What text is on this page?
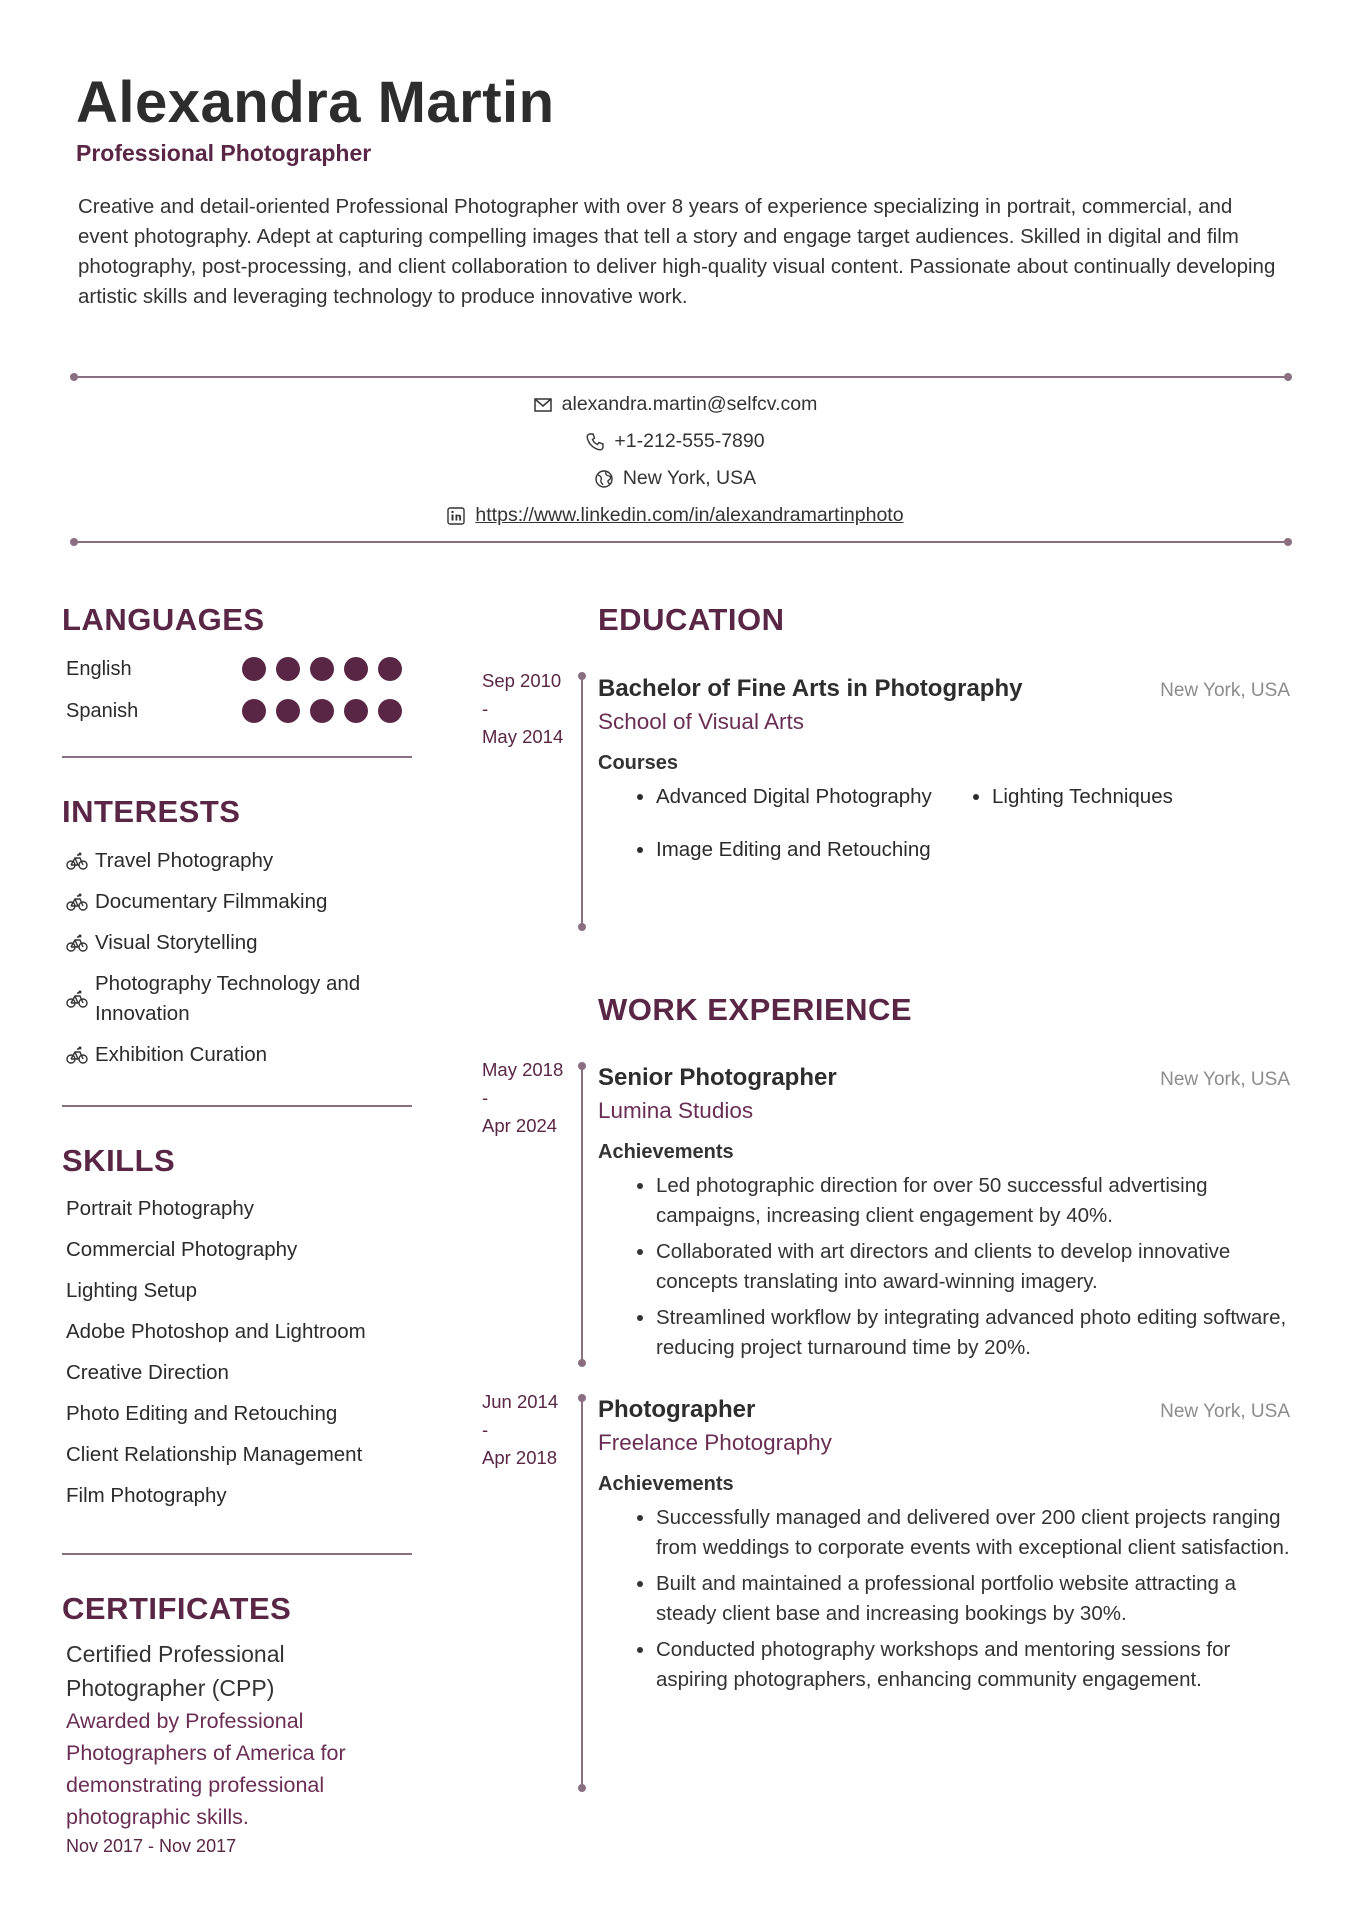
Alexandra Martin
Professional Photographer

Creative and detail-oriented Professional Photographer with over 8 years of experience specializing in portrait, commercial, and event photography. Adept at capturing compelling images that tell a story and engage target audiences. Skilled in digital and film photography, post-processing, and client collaboration to deliver high-quality visual content. Passionate about continually developing artistic skills and leveraging technology to produce innovative work.

alexandra.martin@selfcv.com
+1-212-555-7890
New York, USA
https://www.linkedin.com/in/alexandramartinphoto
LANGUAGES
English
Spanish
INTERESTS
Travel Photography
Documentary Filmmaking
Visual Storytelling
Photography Technology and Innovation
Exhibition Curation
SKILLS
Portrait Photography
Commercial Photography
Lighting Setup
Adobe Photoshop and Lightroom
Creative Direction
Photo Editing and Retouching
Client Relationship Management
Film Photography
CERTIFICATES
Certified Professional Photographer (CPP)
Awarded by Professional Photographers of America for demonstrating professional photographic skills.
Nov 2017 - Nov 2017
EDUCATION
Sep 2010
-
May 2014
Bachelor of Fine Arts in Photography	New York, USA
School of Visual Arts
Courses
• Advanced Digital Photography
•	Lighting Techniques
• Image Editing and Retouching
WORK EXPERIENCE
May 2018
-
Apr 2024
Senior Photographer	New York, USA
Lumina Studios
Achievements
• Led photographic direction for over 50 successful advertising campaigns, increasing client engagement by 40%.
• Collaborated with art directors and clients to develop innovative concepts translating into award-winning imagery.
• Streamlined workflow by integrating advanced photo editing software, reducing project turnaround time by 20%.
Jun 2014
-
Apr 2018
Photographer	New York, USA
Freelance Photography
Achievements
• Successfully managed and delivered over 200 client projects ranging from weddings to corporate events with exceptional client satisfaction.
• Built and maintained a professional portfolio website attracting a steady client base and increasing bookings by 30%.
• Conducted photography workshops and mentoring sessions for aspiring photographers, enhancing community engagement.
